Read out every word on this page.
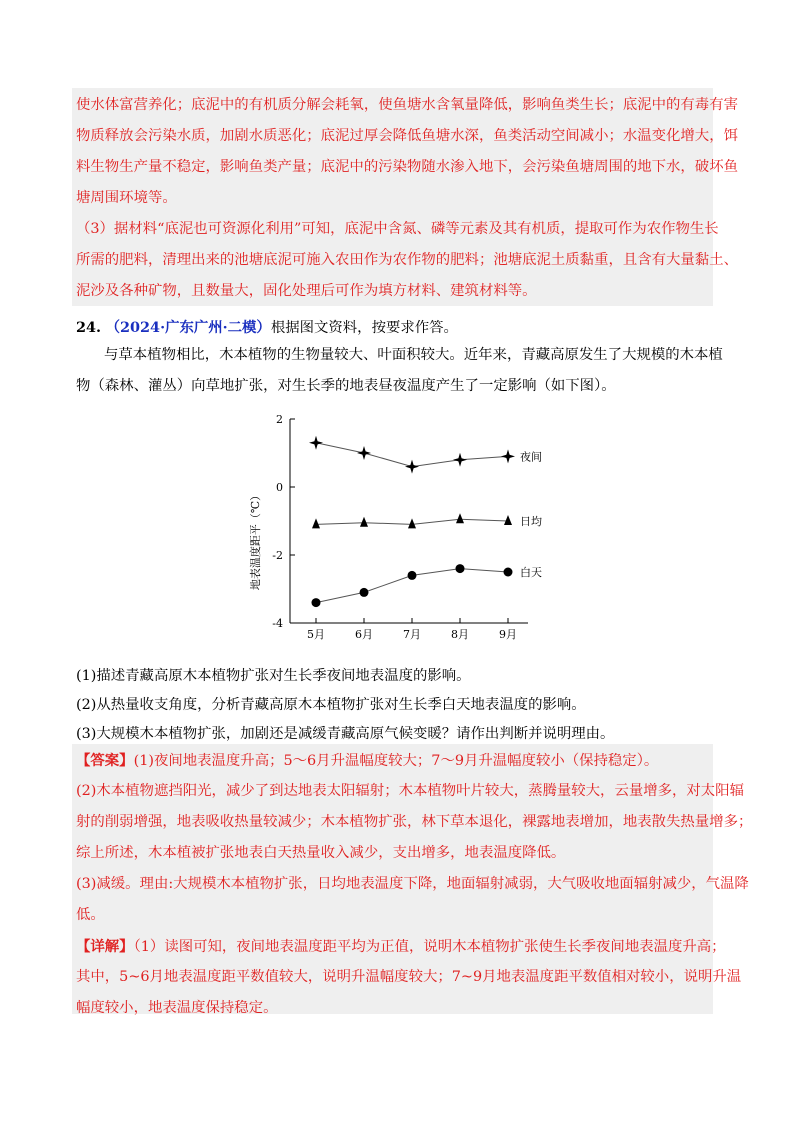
使水体富营养化；底泥中的有机质分解会耗氧，使鱼塘水含氧量降低，影响鱼类生长；底泥中的有毒有害
物质释放会污染水质，加剧水质恶化；底泥过厚会降低鱼塘水深，鱼类活动空间减小；水温变化增大，饵
料生物生产量不稳定，影响鱼类产量；底泥中的污染物随水渗入地下，会污染鱼塘周围的地下水，破坏鱼
塘周围环境等。
（3）据材料“底泥也可资源化利用”可知，底泥中含氮、磷等元素及其有机质，提取可作为农作物生长
所需的肥料，清理出来的池塘底泥可施入农田作为农作物的肥料；池塘底泥土质黏重，且含有大量黏土、
泥沙及各种矿物，且数量大，固化处理后可作为填方材料、建筑材料等。
24. （2024·广东广州·二模）根据图文资料，按要求作答。
与草本植物相比，木本植物的生物量较大、叶面积较大。近年来，青藏高原发生了大规模的木本植
物（森林、灌丛）向草地扩张，对生长季的地表昼夜温度产生了一定影响（如下图）。
2
0
-2
-4
5月	6月	7月	8月	9月
地表温度距平（℃）
夜间
日均
白天
(1)描述青藏高原木本植物扩张对生长季夜间地表温度的影响。
(2)从热量收支角度，分析青藏高原木本植物扩张对生长季白天地表温度的影响。
(3)大规模木本植物扩张，加剧还是减缓青藏高原气候变暖？请作出判断并说明理由。
【答案】(1)夜间地表温度升高；5～6月升温幅度较大；7～9月升温幅度较小（保持稳定）。
(2)木本植物遮挡阳光，减少了到达地表太阳辐射；木本植物叶片较大，蒸腾量较大，云量增多，对太阳辐
射的削弱增强，地表吸收热量较减少；木本植物扩张，林下草本退化，裸露地表增加，地表散失热量增多；
综上所述，木本植被扩张地表白天热量收入减少，支出增多，地表温度降低。
(3)减缓。理由:大规模木本植物扩张，日均地表温度下降，地面辐射减弱，大气吸收地面辐射减少，气温降
低。
【详解】（1）读图可知，夜间地表温度距平均为正值，说明木本植物扩张使生长季夜间地表温度升高；
其中，5~6月地表温度距平数值较大，说明升温幅度较大；7~9月地表温度距平数值相对较小，说明升温
幅度较小，地表温度保持稳定。
